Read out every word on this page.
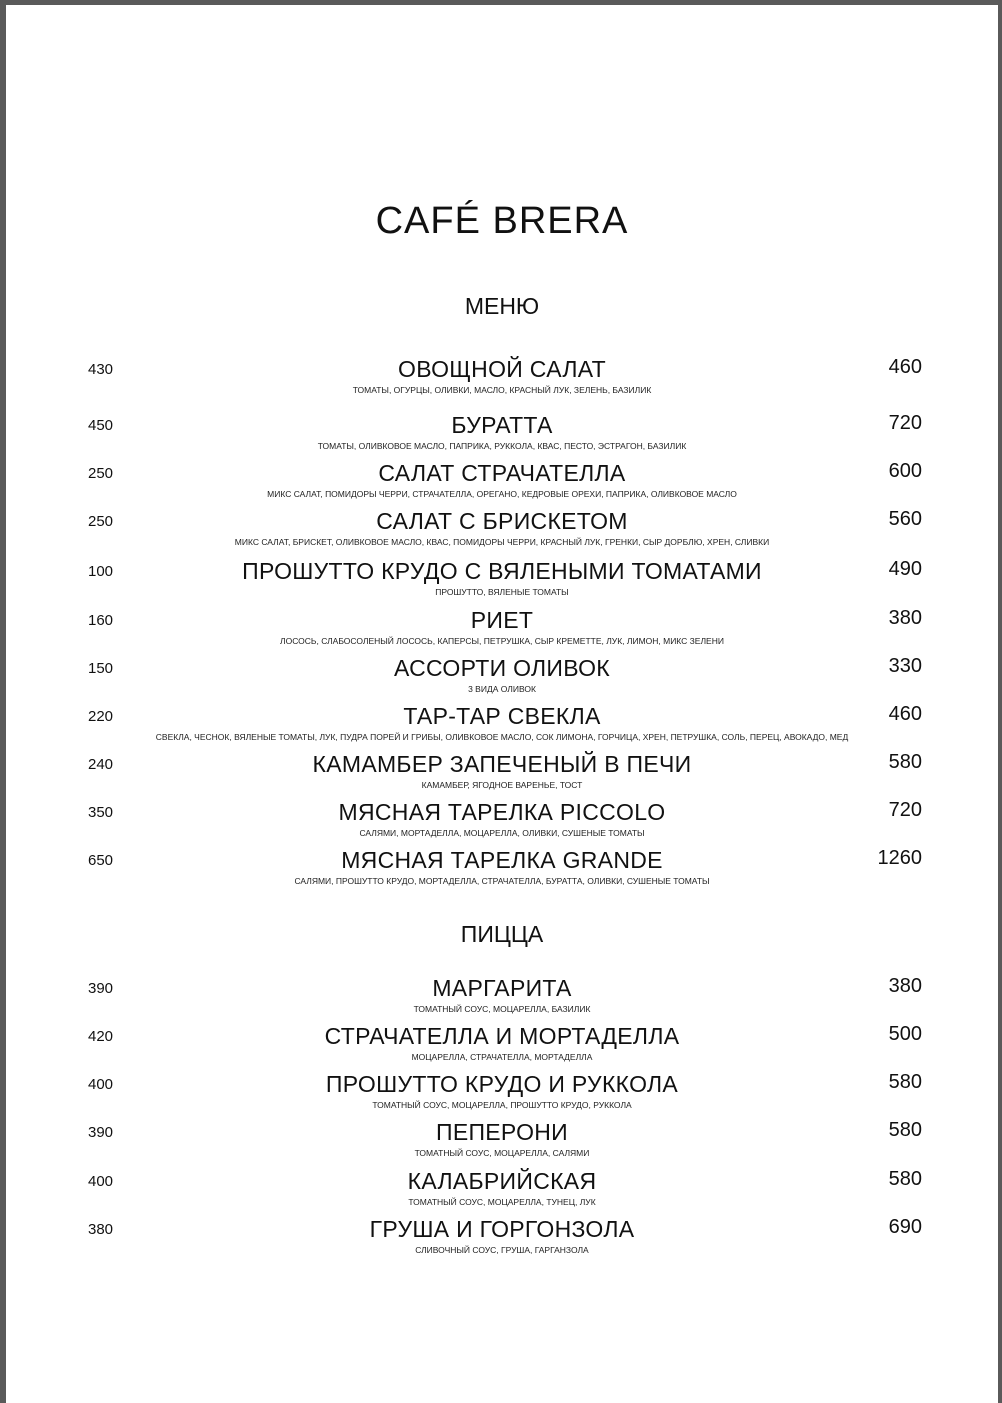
CAFÉ BRERA
МЕНЮ
430	ОВОЩНОЙ САЛАТ
ТОМАТЫ, ОГУРЦЫ, ОЛИВКИ, МАСЛО, КРАСНЫЙ ЛУК, ЗЕЛЕНЬ, БАЗИЛИК
460
450	БУРАТТА
ТОМАТЫ, ОЛИВКОВОЕ МАСЛО, ПАПРИКА, РУККОЛА, КВАС, ПЕСТО, ЭСТРАГОН, БАЗИЛИК
720
250	САЛАТ СТРАЧАТЕЛЛА
МИКС САЛАТ, ПОМИДОРЫ ЧЕРРИ, СТРАЧАТЕЛЛА, ОРЕГАНО, КЕДРОВЫЕ ОРЕХИ, ПАПРИКА, ОЛИВКОВОЕ МАСЛО
600
250	САЛАТ С БРИСКЕТОМ
МИКС САЛАТ, БРИСКЕТ, ОЛИВКОВОЕ МАСЛО, КВАС, ПОМИДОРЫ ЧЕРРИ, КРАСНЫЙ ЛУК, ГРЕНКИ, СЫР ДОРБЛЮ, ХРЕН, СЛИВКИ
560
100	ПРОШУТТО КРУДО С ВЯЛЕНЫМИ ТОМАТАМИ
ПРОШУТТО, ВЯЛЕНЫЕ ТОМАТЫ
490
160	РИЕТ
ЛОСОСЬ, СЛАБОСОЛЕНЫЙ ЛОСОСЬ, КАПЕРСЫ, ПЕТРУШКА, СЫР КРЕМЕТТЕ, ЛУК, ЛИМОН, МИКС ЗЕЛЕНИ
380
150	АССОРТИ ОЛИВОК
3 ВИДА ОЛИВОК
330
220	ТАР-ТАР СВЕКЛА
СВЕКЛА, ЧЕСНОК, ВЯЛЕНЫЕ ТОМАТЫ, ЛУК, ПУДРА ПОРЕЙ И ГРИБЫ, ОЛИВКОВОЕ МАСЛО, СОК ЛИМОНА, ГОРЧИЦА, ХРЕН, ПЕТРУШКА, СОЛЬ, ПЕРЕЦ, АВОКАДО, МЕД
460
240	КАМАМБЕР ЗАПЕЧЕНЫЙ В ПЕЧИ
КАМАМБЕР, ЯГОДНОЕ ВАРЕНЬЕ, ТОСТ
580
350	МЯСНАЯ ТАРЕЛКА PICCOLO
САЛЯМИ, МОРТАДЕЛЛА, МОЦАРЕЛЛА, ОЛИВКИ, СУШЕНЫЕ ТОМАТЫ
720
650	МЯСНАЯ ТАРЕЛКА GRANDE
САЛЯМИ, ПРОШУТТО КРУДО, МОРТАДЕЛЛА, СТРАЧАТЕЛЛА, БУРАТТА, ОЛИВКИ, СУШЕНЫЕ ТОМАТЫ
1260
ПИЦЦА
390	МАРГАРИТА
ТОМАТНЫЙ СОУС, МОЦАРЕЛЛА, БАЗИЛИК
380
420	СТРАЧАТЕЛЛА И МОРТАДЕЛЛА
МОЦАРЕЛЛА, СТРАЧАТЕЛЛА, МОРТАДЕЛЛА
500
400	ПРОШУТТО КРУДО И РУККОЛА
ТОМАТНЫЙ СОУС, МОЦАРЕЛЛА, ПРОШУТТО КРУДО, РУККОЛА
580
390	ПЕПЕРОНИ
ТОМАТНЫЙ СОУС, МОЦАРЕЛЛА, САЛЯМИ
580
400	КАЛАБРИЙСКАЯ
ТОМАТНЫЙ СОУС, МОЦАРЕЛЛА, ТУНЕЦ, ЛУК
580
380	ГРУША И ГОРГОНЗОЛА
СЛИВОЧНЫЙ СОУС, ГРУША, ГАРГАНЗОЛА
690
